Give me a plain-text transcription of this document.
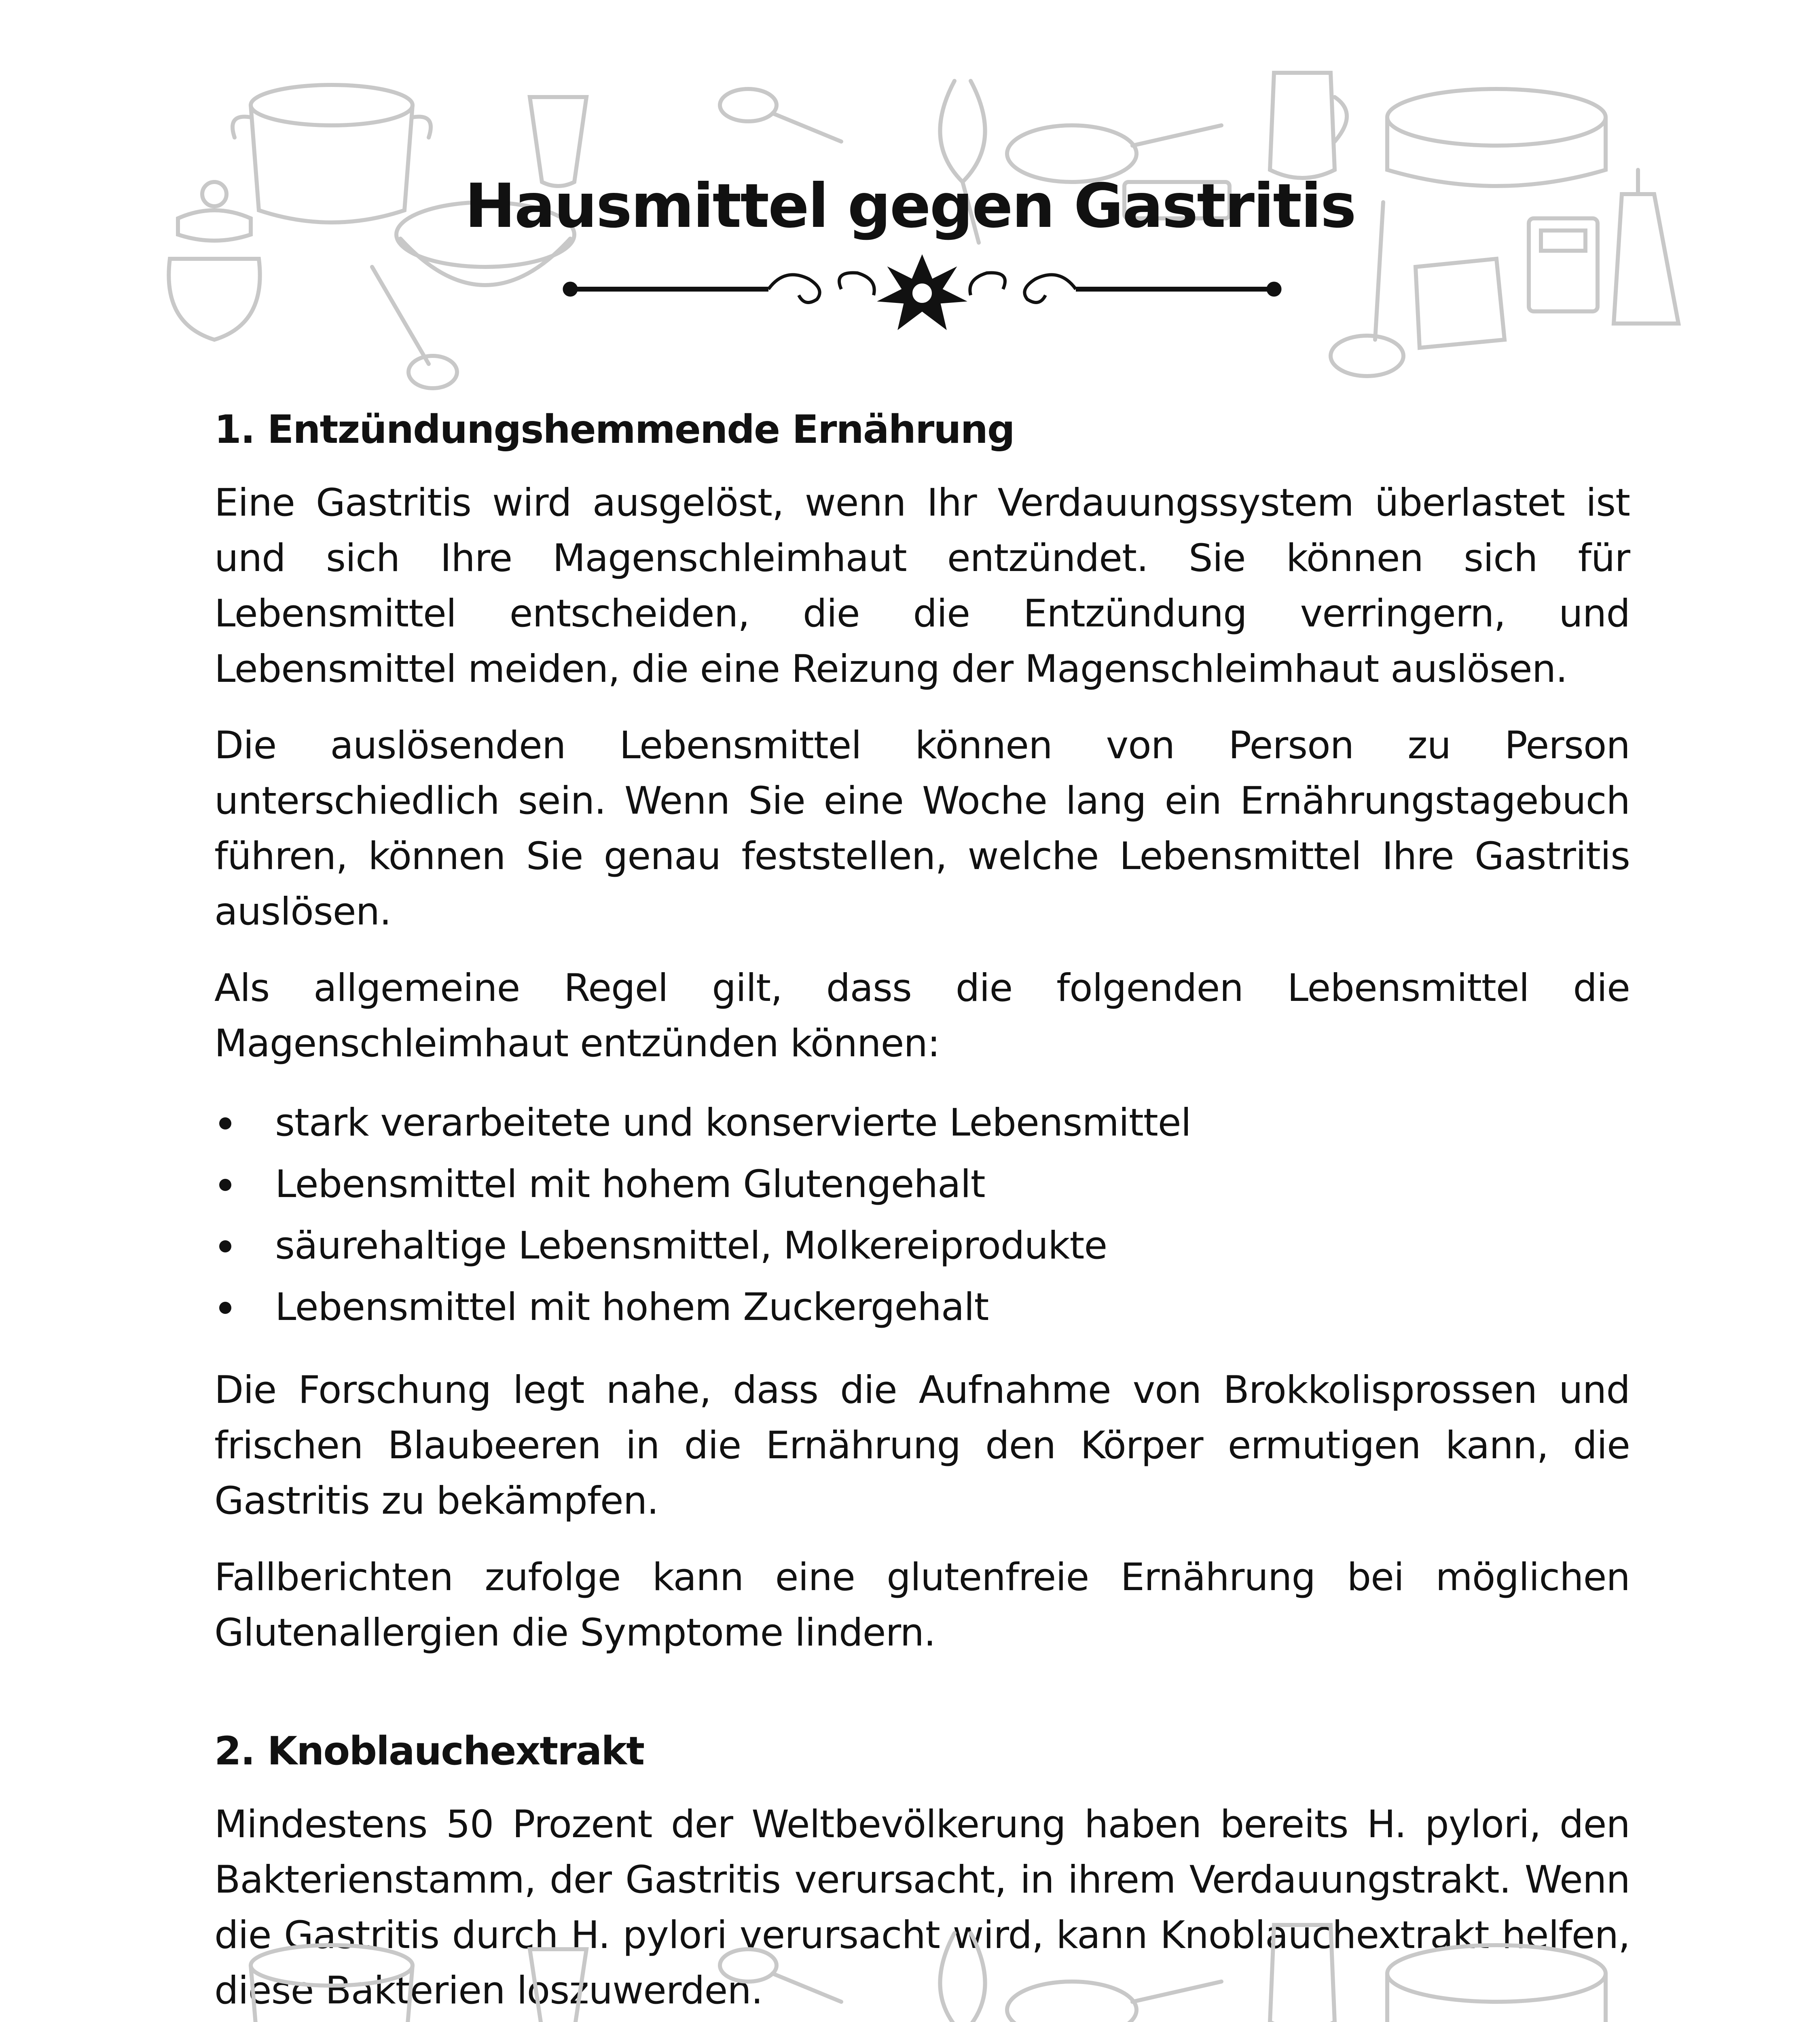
Hausmittel gegen Gastritis
1. Entzündungshemmende Ernährung

Eine Gastritis wird ausgelöst, wenn Ihr Verdauungssystem überlastet ist und sich Ihre Magenschleimhaut entzündet. Sie können sich für Lebensmittel entscheiden, die die Entzündung verringern, und Lebensmittel meiden, die eine Reizung der Magenschleimhaut auslösen.

Die auslösenden Lebensmittel können von Person zu Person unterschiedlich sein. Wenn Sie eine Woche lang ein Ernährungstagebuch führen, können Sie genau feststellen, welche Lebensmittel Ihre Gastritis auslösen.

Als allgemeine Regel gilt, dass die folgenden Lebensmittel die Magenschleimhaut entzünden können:

stark verarbeitete und konservierte Lebensmittel
Lebensmittel mit hohem Glutengehalt
säurehaltige Lebensmittel, Molkereiprodukte
Lebensmittel mit hohem Zuckergehalt

Die Forschung legt nahe, dass die Aufnahme von Brokkolisprossen und frischen Blaubeeren in die Ernährung den Körper ermutigen kann, die Gastritis zu bekämpfen.

Fallberichten zufolge kann eine glutenfreie Ernährung bei möglichen Glutenallergien die Symptome lindern.

2. Knoblauchextrakt

Mindestens 50 Prozent der Weltbevölkerung haben bereits H. pylori, den Bakterienstamm, der Gastritis verursacht, in ihrem Verdauungstrakt. Wenn die Gastritis durch H. pylori verursacht wird, kann Knoblauchextrakt helfen, diese Bakterien loszuwerden.
